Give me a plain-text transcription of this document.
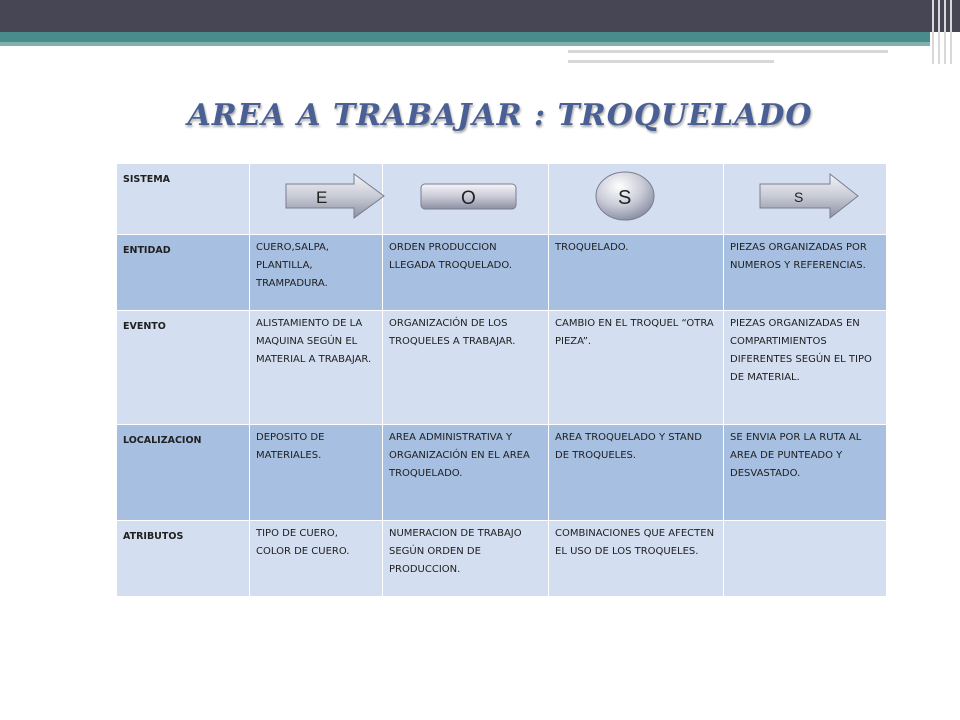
AREA A TRABAJAR : TROQUELADO
SISTEMA	E	O	S	S

ENTIDAD	CUERO,SALPA, PLANTILLA, TRAMPADURA.	ORDEN PRODUCCION LLEGADA TROQUELADO.	TROQUELADO.	PIEZAS ORGANIZADAS POR NUMEROS Y REFERENCIAS.
EVENTO	ALISTAMIENTO DE LA MAQUINA SEGÚN EL MATERIAL A TRABAJAR.	ORGANIZACIÓN DE LOS TROQUELES A TRABAJAR.	CAMBIO EN EL TROQUEL “OTRA PIEZA”.	PIEZAS ORGANIZADAS EN COMPARTIMIENTOS DIFERENTES SEGÚN EL TIPO DE MATERIAL.
LOCALIZACION	DEPOSITO DE MATERIALES.	AREA ADMINISTRATIVA Y ORGANIZACIÓN EN EL AREA TROQUELADO.	AREA TROQUELADO Y STAND DE TROQUELES.	SE ENVIA POR LA RUTA AL AREA DE PUNTEADO Y DESVASTADO.
ATRIBUTOS	TIPO DE CUERO, COLOR DE CUERO.	NUMERACION DE TRABAJO SEGÚN ORDEN DE PRODUCCION.	COMBINACIONES QUE AFECTEN EL USO DE LOS TROQUELES.	
